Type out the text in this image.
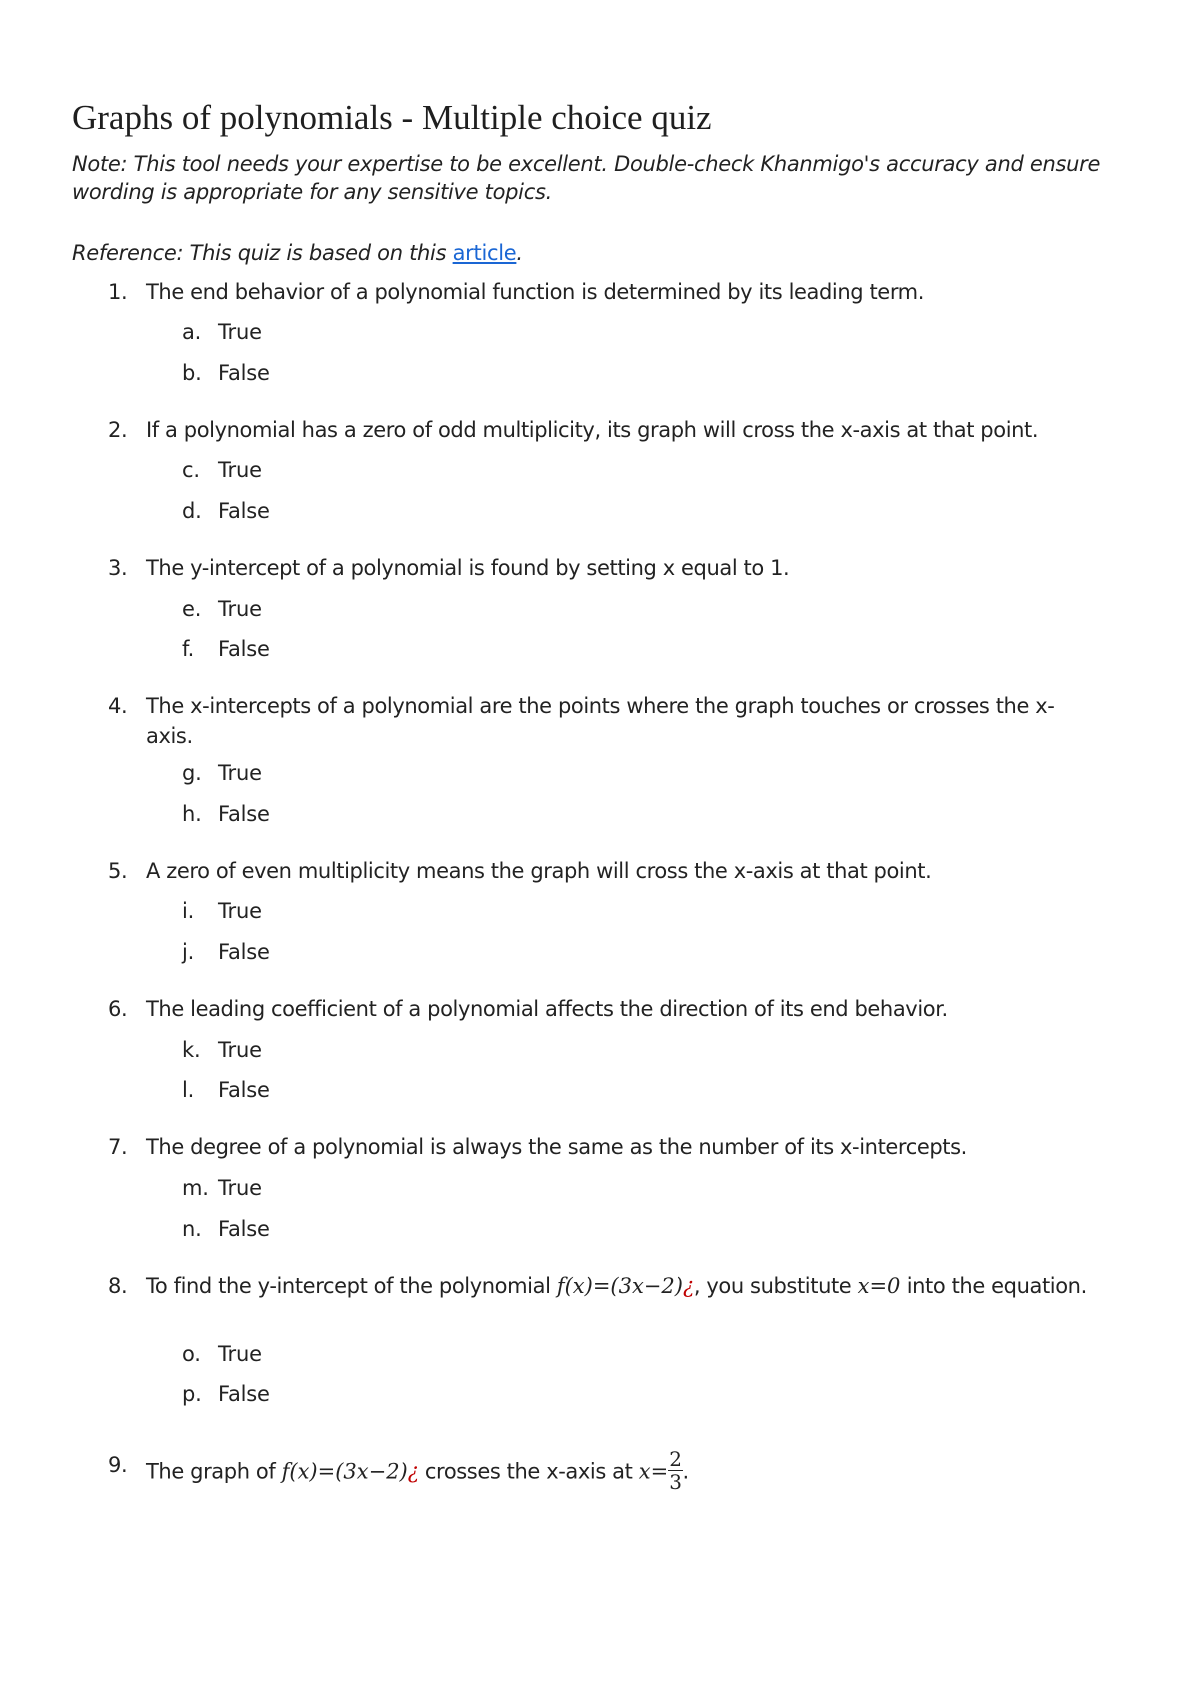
Graphs of polynomials - Multiple choice quiz

Note: This tool needs your expertise to be excellent. Double-check Khanmigo's accuracy and ensure wording is appropriate for any sensitive topics.

Reference: This quiz is based on this article.

1. The end behavior of a polynomial function is determined by its leading term.
a. True
b. False
2. If a polynomial has a zero of odd multiplicity, its graph will cross the x-axis at that point.
c. True
d. False
3. The y-intercept of a polynomial is found by setting x equal to 1.
e. True
f. False
4. The x-intercepts of a polynomial are the points where the graph touches or crosses the x-axis.
g. True
h. False
5. A zero of even multiplicity means the graph will cross the x-axis at that point.
i. True
j. False
6. The leading coefficient of a polynomial affects the direction of its end behavior.
k. True
l. False
7. The degree of a polynomial is always the same as the number of its x-intercepts.
m. True
n. False
8. To find the y-intercept of the polynomial f(x)=(3x−2)¿, you substitute x=0 into the equation.
o. True
p. False
9. The graph of f(x)=(3x−2)¿ crosses the x-axis at $x= \frac{2}{3}$ .
